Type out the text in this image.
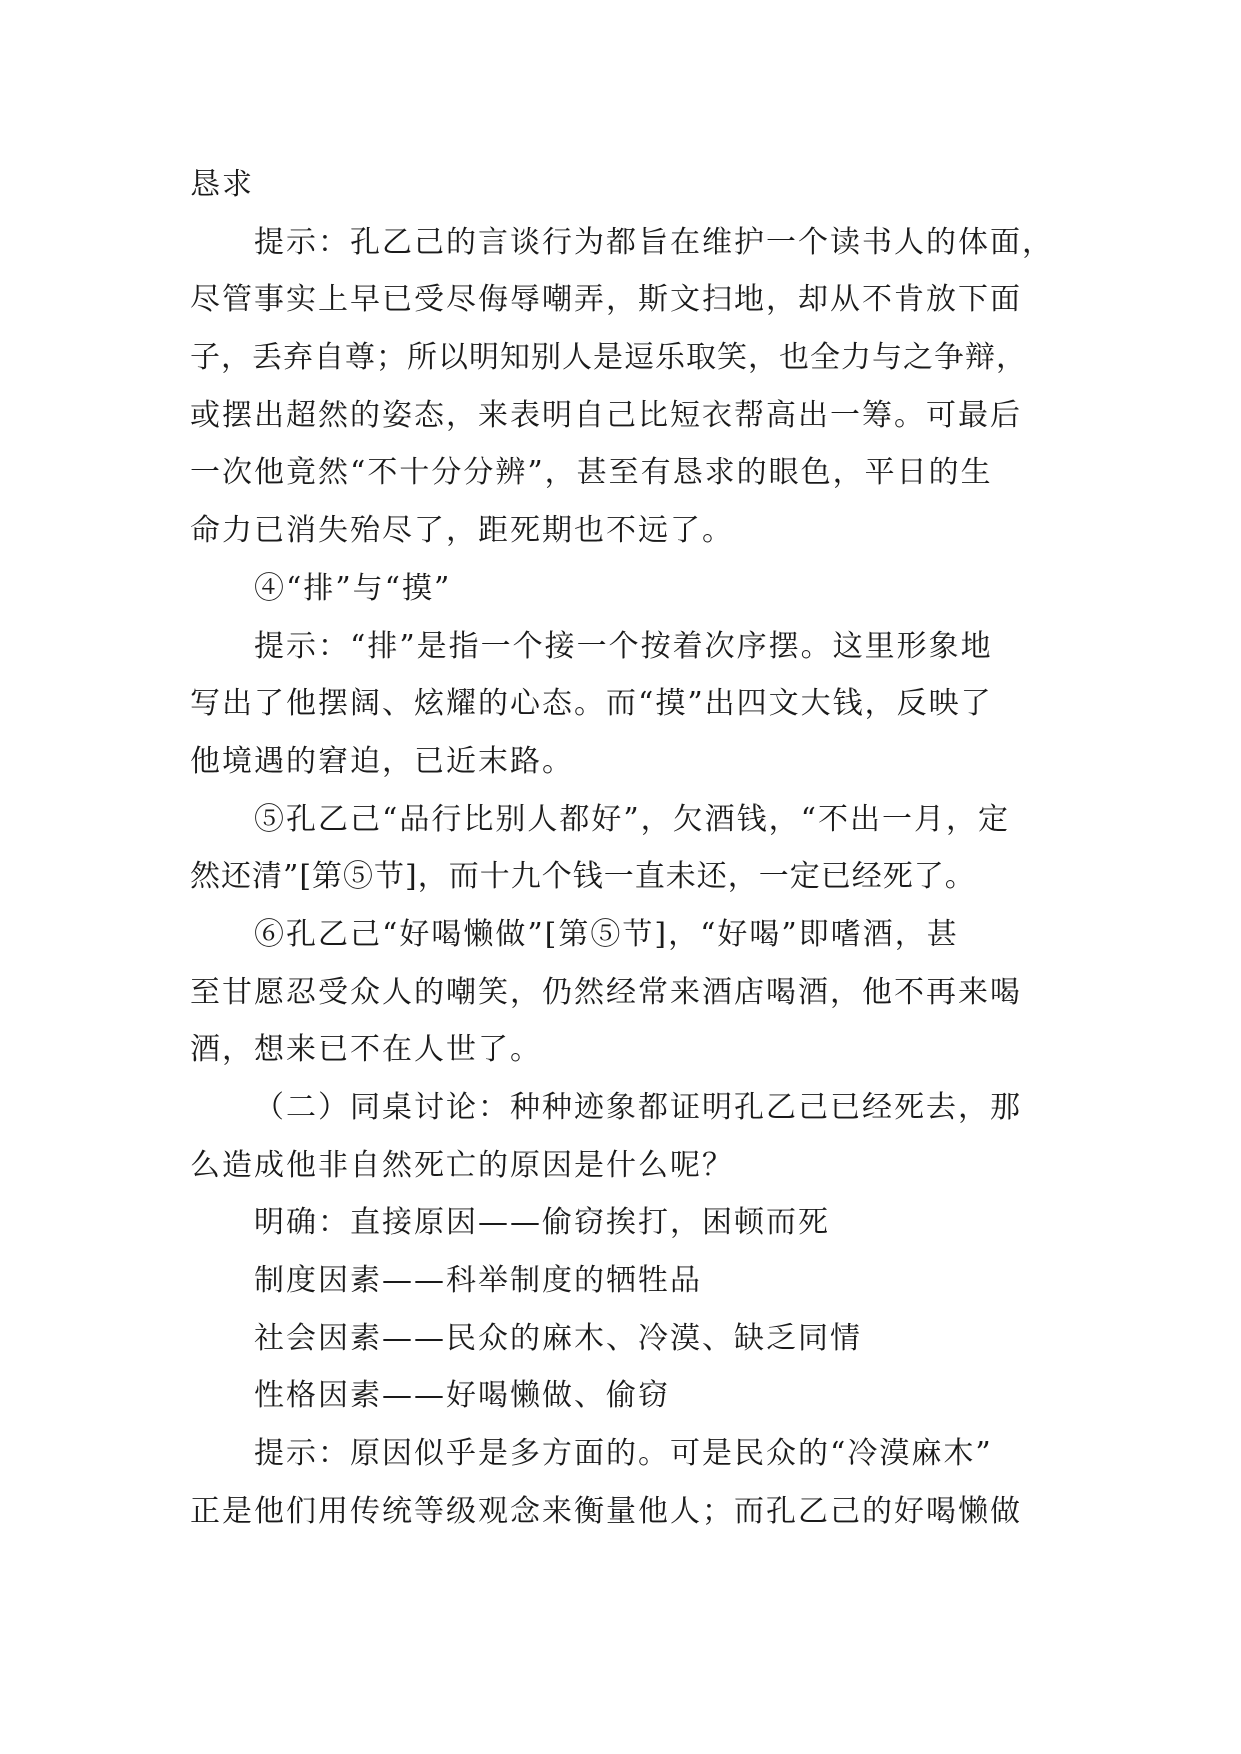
恳求
提示：孔乙己的言谈行为都旨在维护一个读书人的体面，
尽管事实上早已受尽侮辱嘲弄，斯文扫地，却从不肯放下面
子，丢弃自尊；所以明知别人是逗乐取笑，也全力与之争辩，
或摆出超然的姿态，来表明自己比短衣帮高出一筹。可最后
一次他竟然“不十分分辨”，甚至有恳求的眼色，平日的生
命力已消失殆尽了，距死期也不远了。
④“排”与“摸”
提示：“排”是指一个接一个按着次序摆。这里形象地
写出了他摆阔、炫耀的心态。而“摸”出四文大钱，反映了
他境遇的窘迫，已近末路。
⑤孔乙己“品行比别人都好”，欠酒钱，“不出一月，定
然还清”[第⑤节]，而十九个钱一直未还，一定已经死了。
⑥孔乙己“好喝懒做”[第⑤节]，“好喝”即嗜酒，甚
至甘愿忍受众人的嘲笑，仍然经常来酒店喝酒，他不再来喝
酒，想来已不在人世了。
（二）同桌讨论：种种迹象都证明孔乙己已经死去，那
么造成他非自然死亡的原因是什么呢？
明确：直接原因——偷窃挨打，困顿而死
制度因素——科举制度的牺牲品
社会因素——民众的麻木、冷漠、缺乏同情
性格因素——好喝懒做、偷窃
提示：原因似乎是多方面的。可是民众的“冷漠麻木”
正是他们用传统等级观念来衡量他人；而孔乙己的好喝懒做
